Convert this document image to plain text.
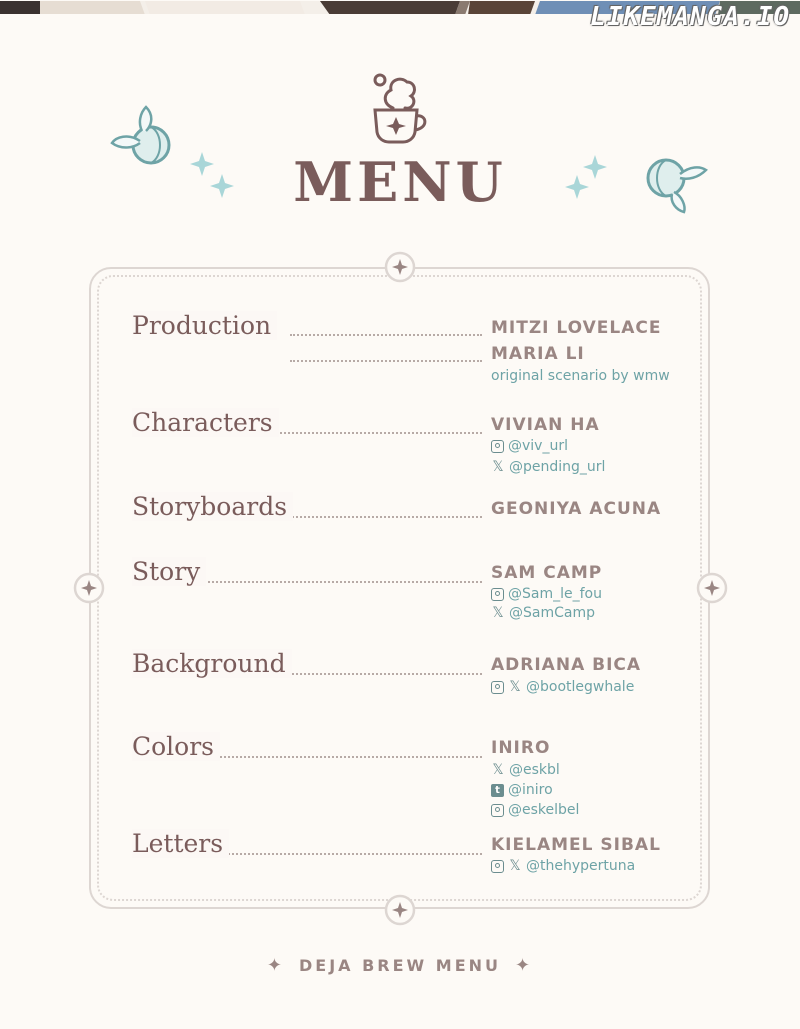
LIKEMANGA.IO
MENU
Production	MITZI LOVELACE
MARIA LI
original scenario by wmw
Characters	VIVIAN HA
@viv_url
𝕏 @pending_url
Storyboards	GEONIYA ACUNA
Story	SAM CAMP
@Sam_le_fou
𝕏 @SamCamp
Background	ADRIANA BICA
𝕏 @bootlegwhale
Colors	INIRO
𝕏 @eskbl
t @iniro
@eskelbel
Letters	KIELAMEL SIBAL
𝕏 @thehypertuna
✦ DEJA BREW MENU ✦
